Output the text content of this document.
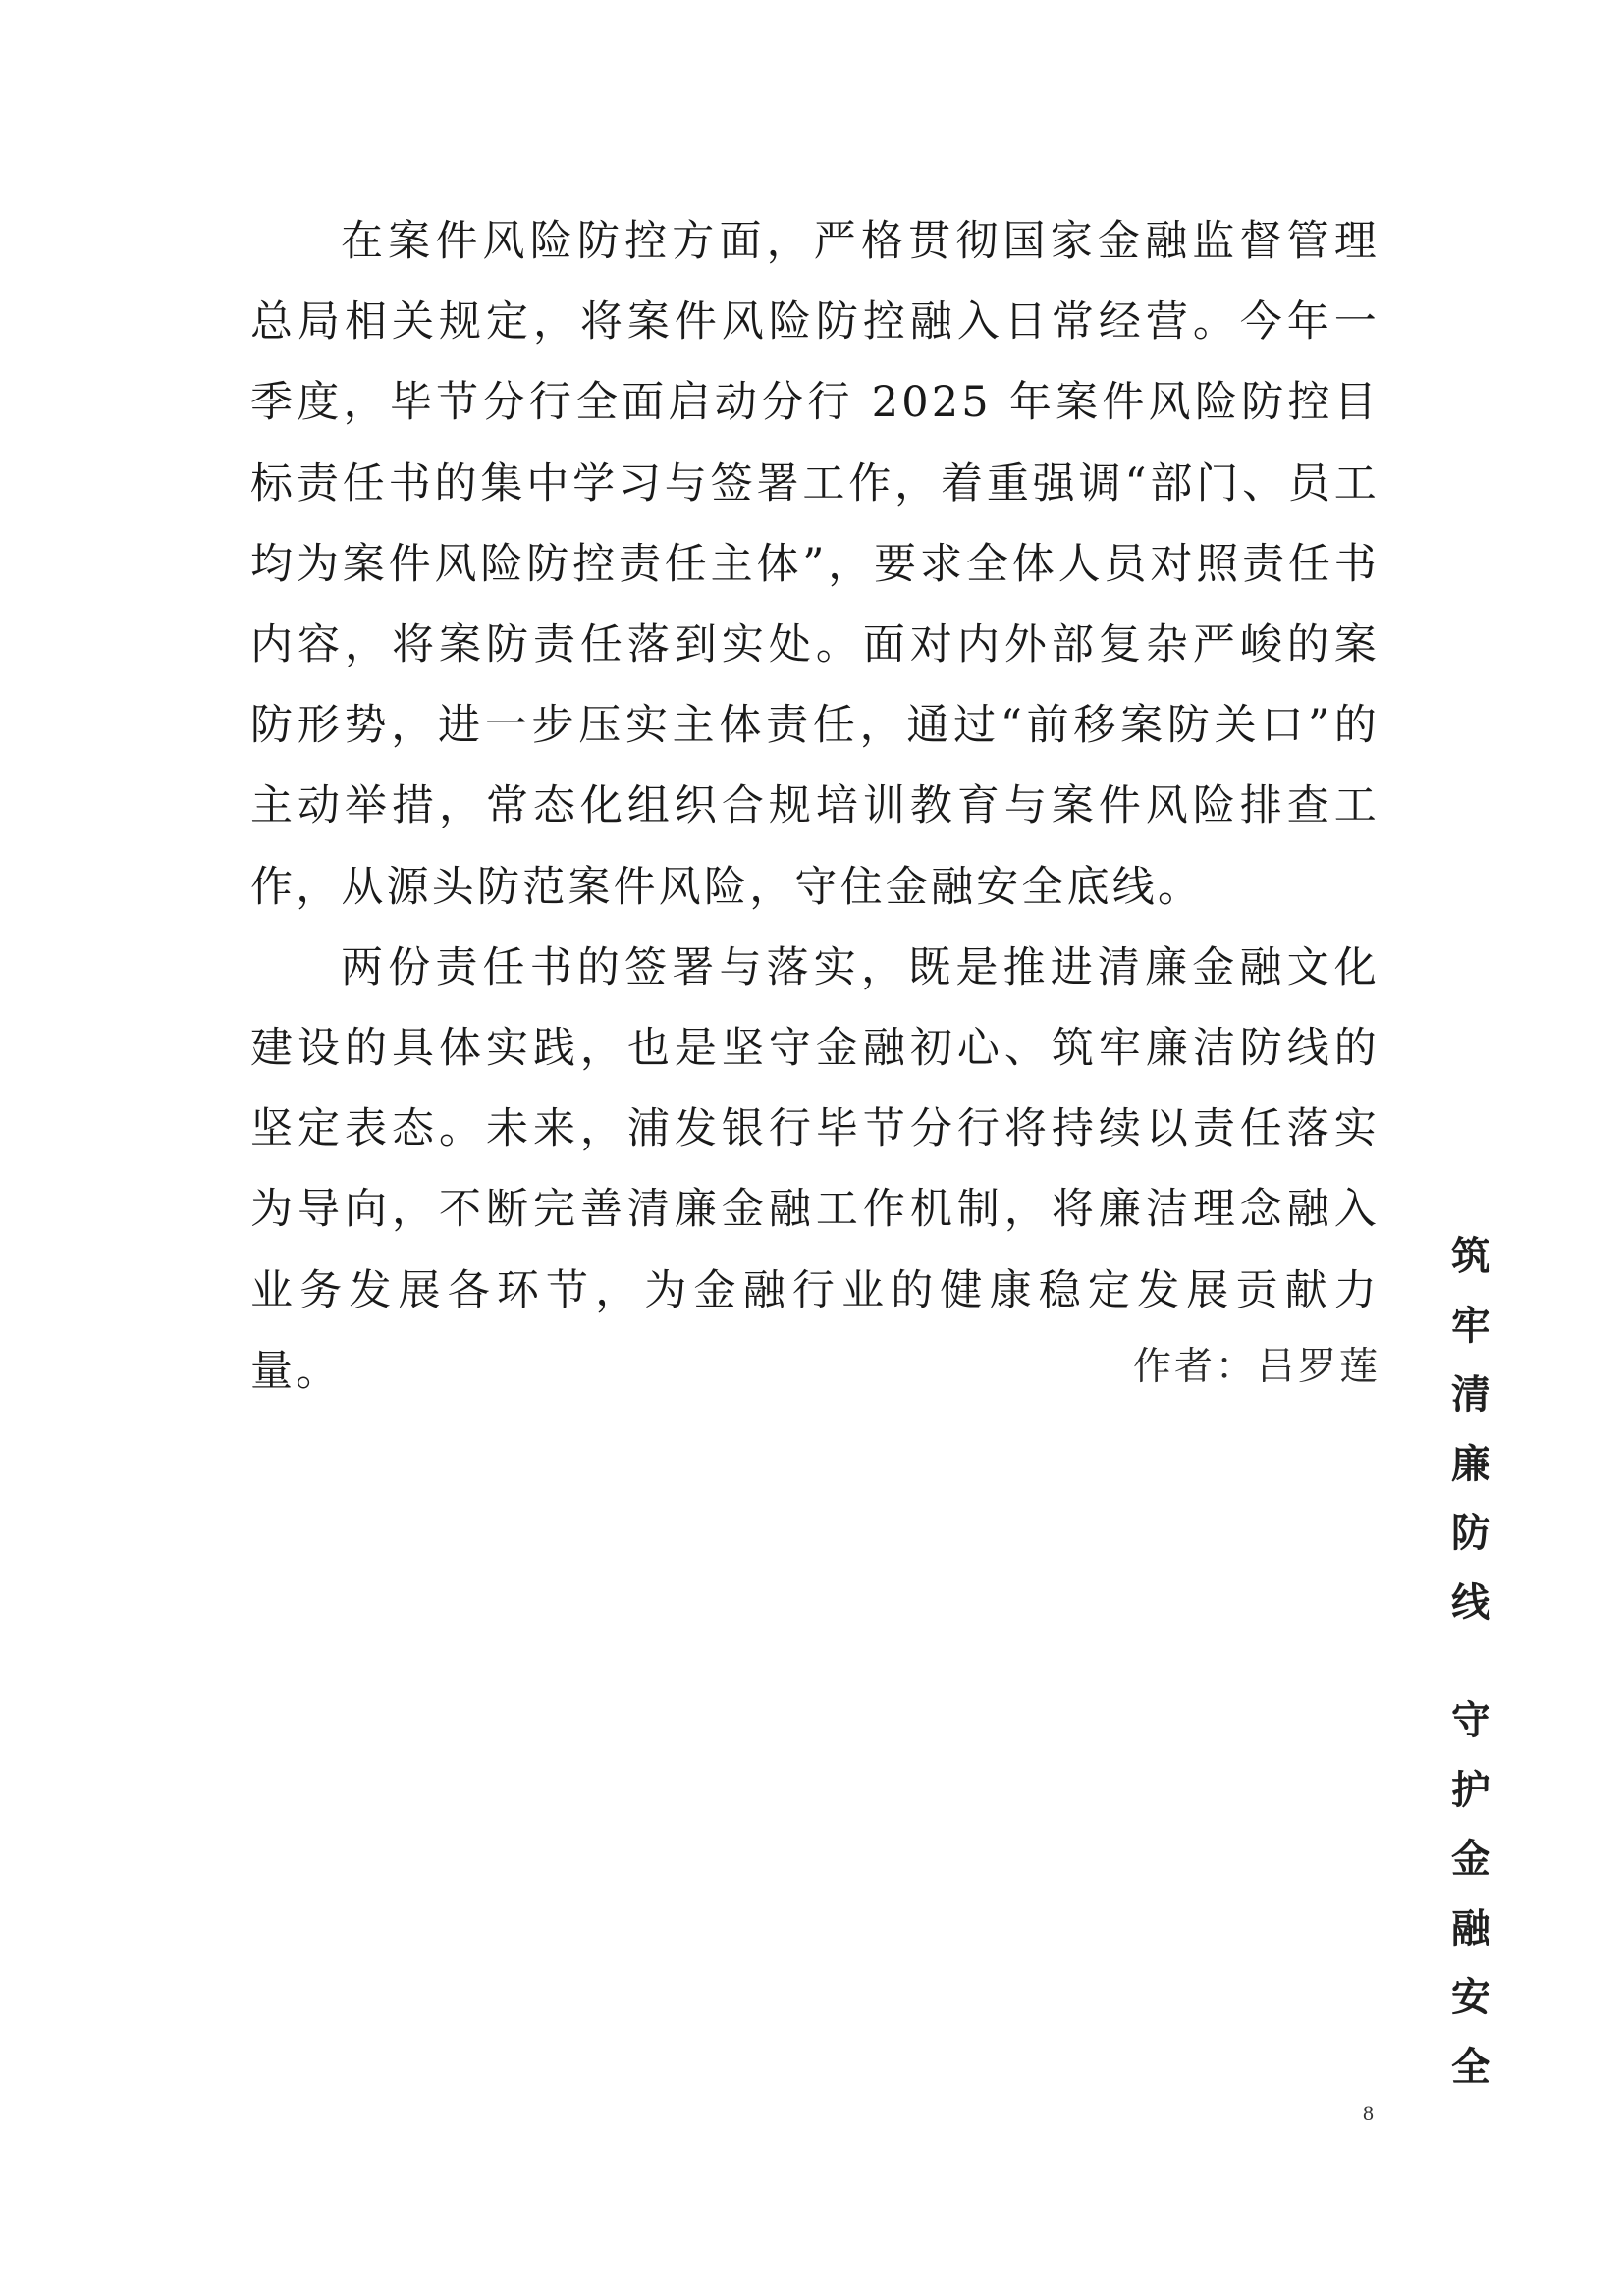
在案件风险防控方面，严格贯彻国家金融监督管理总局相关规定，将案件风险防控融入日常经营。今年一季度，毕节分行全面启动分行 2025 年案件风险防控目标责任书的集中学习与签署工作，着重强调“部门、员工均为案件风险防控责任主体”，要求全体人员对照责任书内容，将案防责任落到实处。面对内外部复杂严峻的案防形势，进一步压实主体责任，通过“前移案防关口”的主动举措，常态化组织合规培训教育与案件风险排查工作，从源头防范案件风险，守住金融安全底线。

两份责任书的签署与落实，既是推进清廉金融文化建设的具体实践，也是坚守金融初心、筑牢廉洁防线的坚定表态。未来，浦发银行毕节分行将持续以责任落实为导向，不断完善清廉金融工作机制，将廉洁理念融入业务发展各环节，为金融行业的健康稳定发展贡献力量。	作者：吕罗莲
筑
牢
清
廉
防
线
守
护
金
融
安
全
8
